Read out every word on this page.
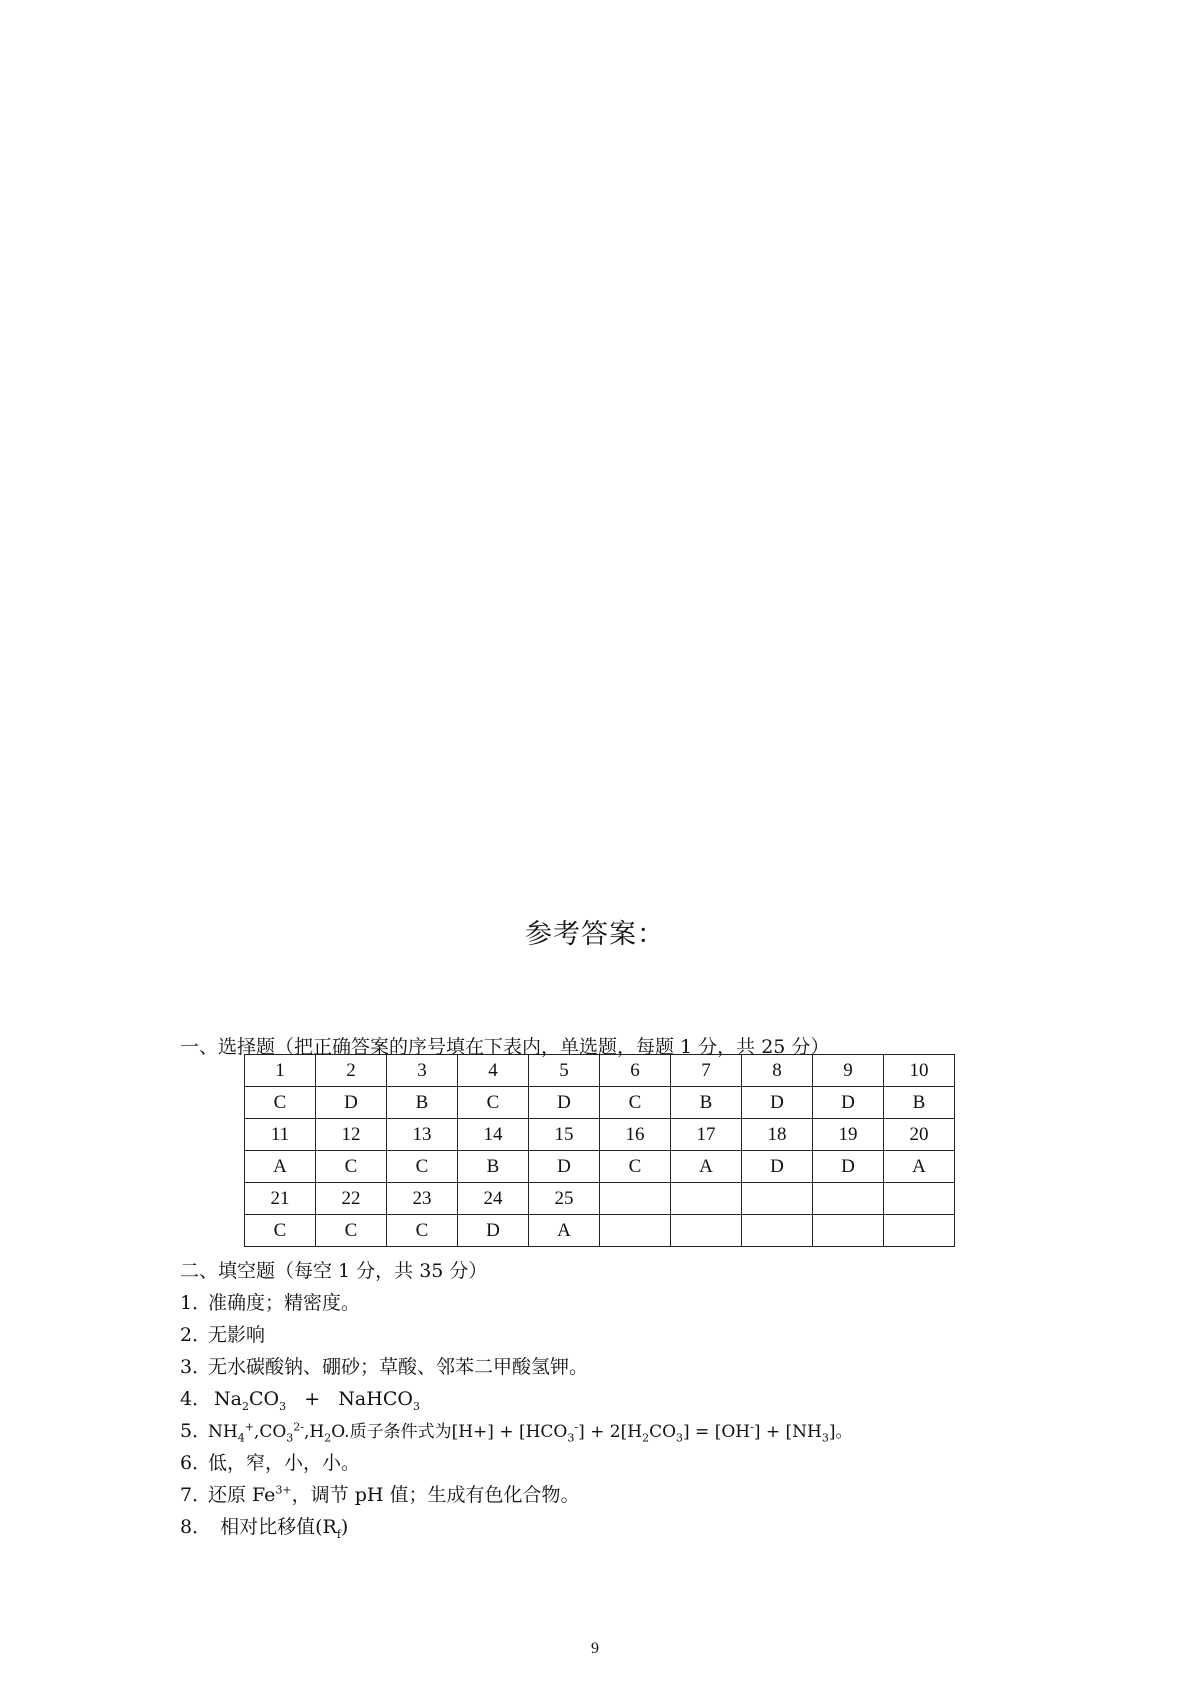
参考答案：
一、选择题（把正确答案的序号填在下表内，单选题，每题 1 分，共 25 分）
1	2	3	4	5	6	7	8	9	10
C	D	B	C	D	C	B	D	D	B
11	12	13	14	15	16	17	18	19	20
A	C	C	B	D	C	A	D	D	A
21	22	23	24	25					
C	C	C	D	A					
二、填空题（每空 1 分，共 35 分）
1．准确度；精密度。
2．无影响
3．无水碳酸钠、硼砂；草酸、邻苯二甲酸氢钾。
4． $Na_2CO_3$ + NaHCO$_3$
5．$NH_4^+,CO_3^{2-},H_2O$.质子条件式为$[H+] + [HCO_3^-] + 2[H_2CO_3] = [OH^-] + [NH_3]$。
6．低，窄，小，小。
7．还原 $Fe^{3+}$，调节 pH 值；生成有色化合物。
8． 相对比移值$(R_f)$
9
